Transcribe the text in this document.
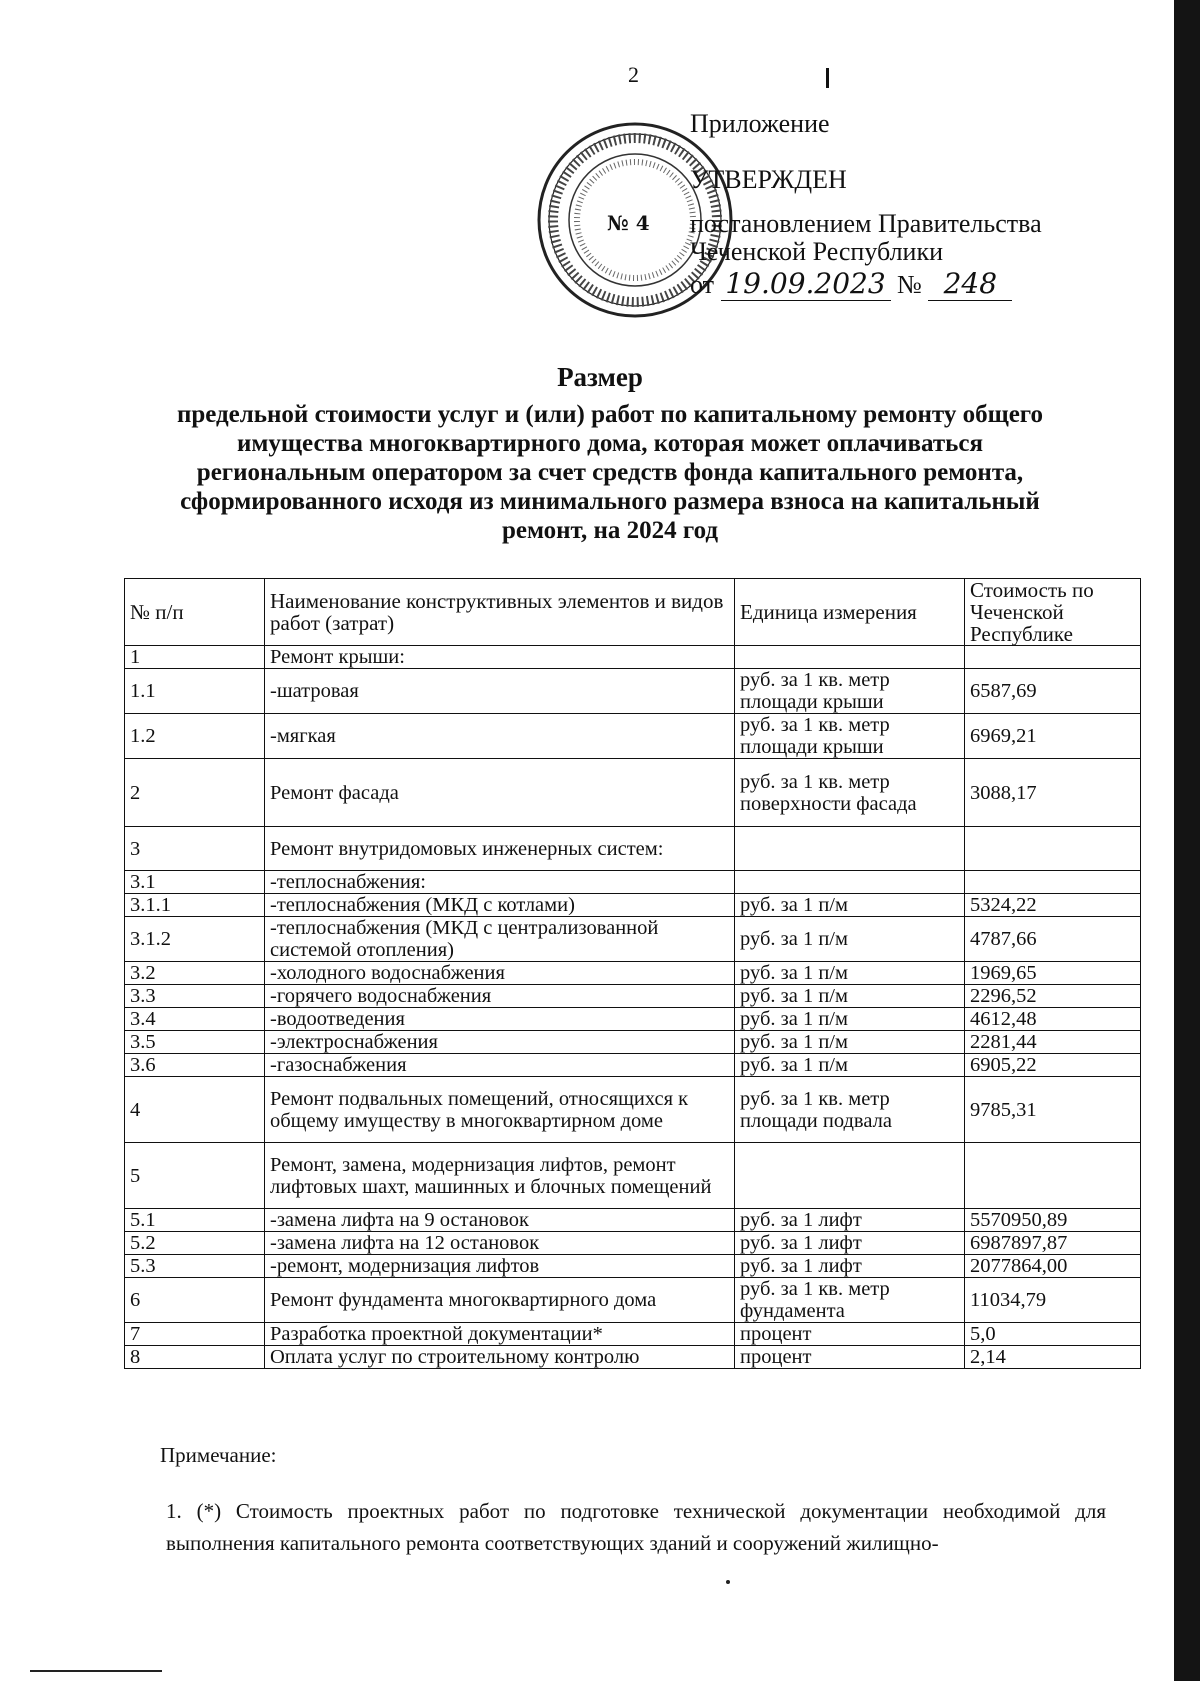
2
№ 4
Приложение
УТВЕРЖДЕН
постановлением Правительства
Чеченской Республики
от 19.09.2023 № 248
Размер
предельной стоимости услуг и (или) работ по капитальному ремонту общего имущества многоквартирного дома, которая может оплачиваться региональным оператором за счет средств фонда капитального ремонта, сформированного исходя из минимального размера взноса на капитальный ремонт, на 2024 год
№ п/п	Наименование конструктивных элементов и видов работ (затрат)	Единица измерения	Стоимость по Чеченской Республике
1	Ремонт крыши:		
1.1	-шатровая	руб. за 1 кв. метр площади крыши	6587,69
1.2	-мягкая	руб. за 1 кв. метр площади крыши	6969,21
2	Ремонт фасада	руб. за 1 кв. метр поверхности фасада	3088,17
3	Ремонт внутридомовых инженерных систем:		
3.1	-теплоснабжения:		
3.1.1	-теплоснабжения (МКД с котлами)	руб. за 1 п/м	5324,22
3.1.2	-теплоснабжения (МКД с централизованной системой отопления)	руб. за 1 п/м	4787,66
3.2	-холодного водоснабжения	руб. за 1 п/м	1969,65
3.3	-горячего водоснабжения	руб. за 1 п/м	2296,52
3.4	-водоотведения	руб. за 1 п/м	4612,48
3.5	-электроснабжения	руб. за 1 п/м	2281,44
3.6	-газоснабжения	руб. за 1 п/м	6905,22
4	Ремонт подвальных помещений, относящихся к общему имуществу в многоквартирном доме	руб. за 1 кв. метр площади подвала	9785,31
5	Ремонт, замена, модернизация лифтов, ремонт лифтовых шахт, машинных и блочных помещений		
5.1	-замена лифта на 9 остановок	руб. за 1 лифт	5570950,89
5.2	-замена лифта на 12 остановок	руб. за 1 лифт	6987897,87
5.3	-ремонт, модернизация лифтов	руб. за 1 лифт	2077864,00
6	Ремонт фундамента многоквартирного дома	руб. за 1 кв. метр фундамента	11034,79
7	Разработка проектной документации*	процент	5,0
8	Оплата услуг по строительному контролю	процент	2,14
Примечание:
1. (*) Стоимость проектных работ по подготовке технической документации необходимой для выполнения капитального ремонта соответствующих зданий и сооружений жилищно-
